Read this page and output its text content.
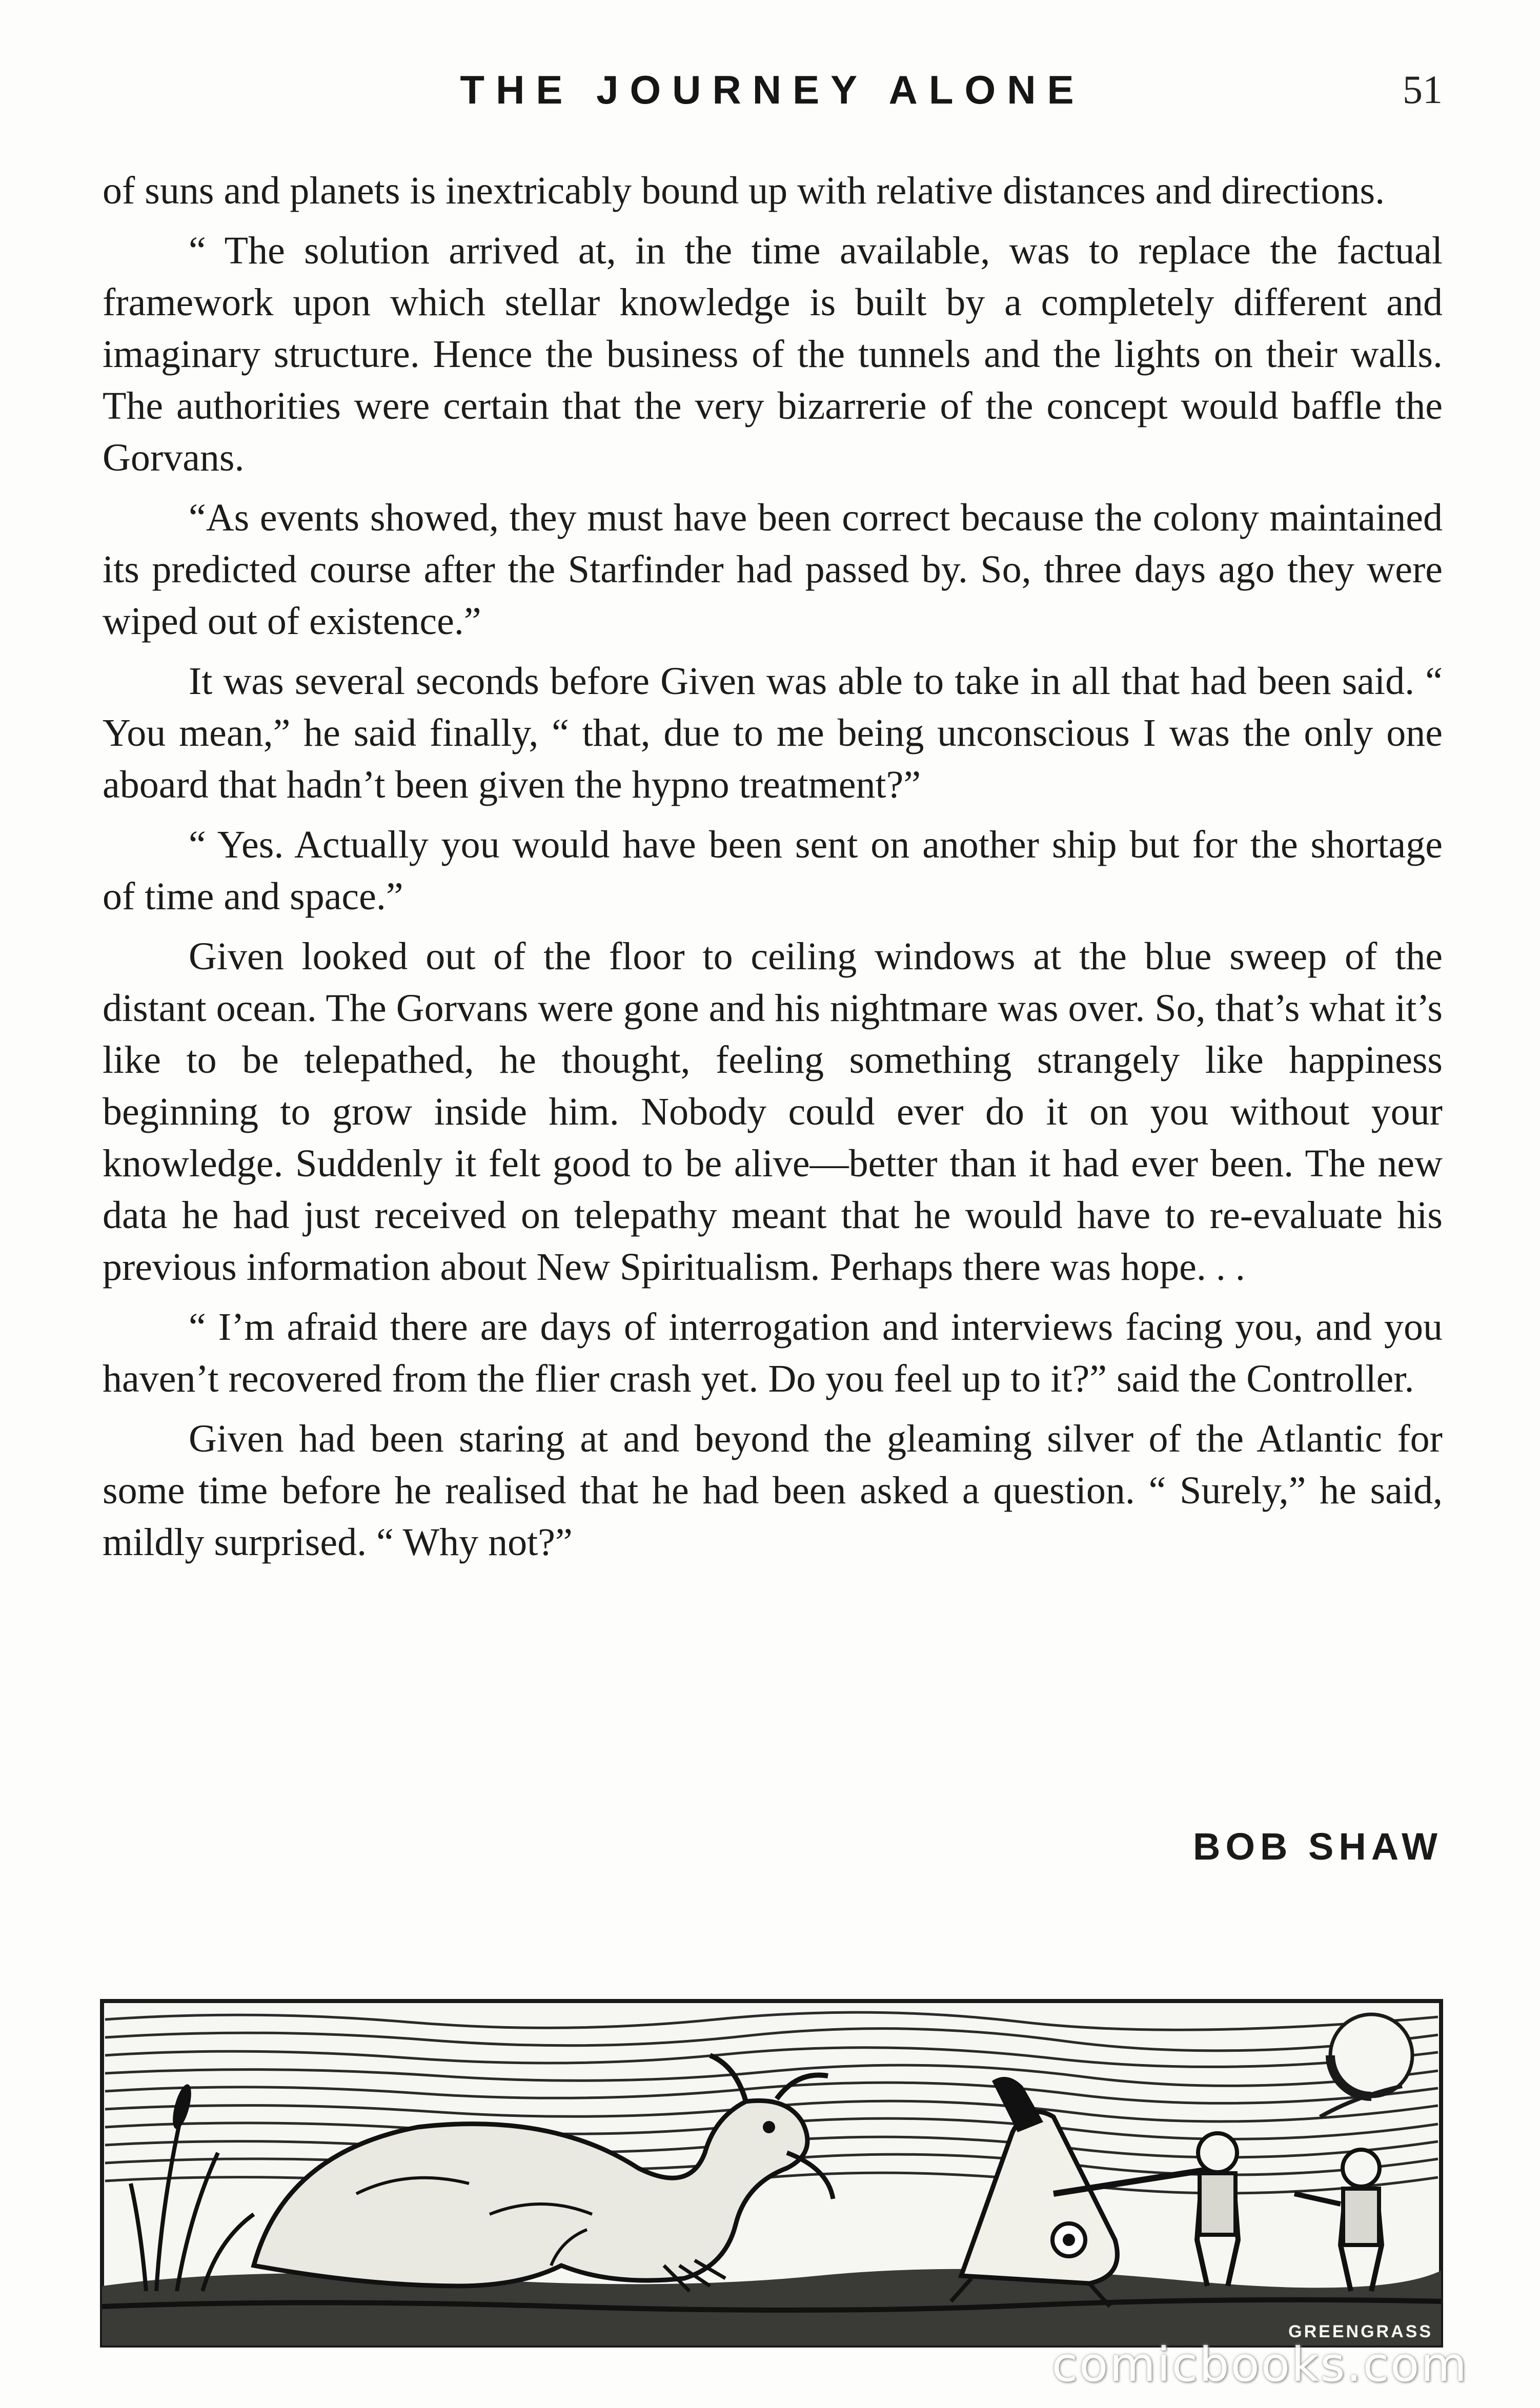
THE JOURNEY ALONE	51

of suns and planets is inextricably bound up with relative distances and directions.

“ The solution arrived at, in the time available, was to replace the factual framework upon which stellar knowledge is built by a completely different and imaginary structure. Hence the business of the tunnels and the lights on their walls. The authorities were certain that the very bizarrerie of the concept would baffle the Gorvans.

“As events showed, they must have been correct because the colony maintained its predicted course after the Starfinder had passed by. So, three days ago they were wiped out of existence.”

It was several seconds before Given was able to take in all that had been said. “ You mean,” he said finally, “ that, due to me being unconscious I was the only one aboard that hadn’t been given the hypno treatment?”

“ Yes. Actually you would have been sent on another ship but for the shortage of time and space.”

Given looked out of the floor to ceiling windows at the blue sweep of the distant ocean. The Gorvans were gone and his nightmare was over. So, that’s what it’s like to be telepathed, he thought, feeling something strangely like happiness beginning to grow inside him. Nobody could ever do it on you without your knowledge. Suddenly it felt good to be alive—better than it had ever been. The new data he had just received on telepathy meant that he would have to re-evaluate his previous information about New Spiritualism. Perhaps there was hope. . .

“ I’m afraid there are days of interrogation and interviews facing you, and you haven’t recovered from the flier crash yet. Do you feel up to it?” said the Controller.

Given had been staring at and beyond the gleaming silver of the Atlantic for some time before he realised that he had been asked a question. “ Surely,” he said, mildly surprised. “ Why not?”

BOB SHAW
GREENGRASS
comicbooks.com
